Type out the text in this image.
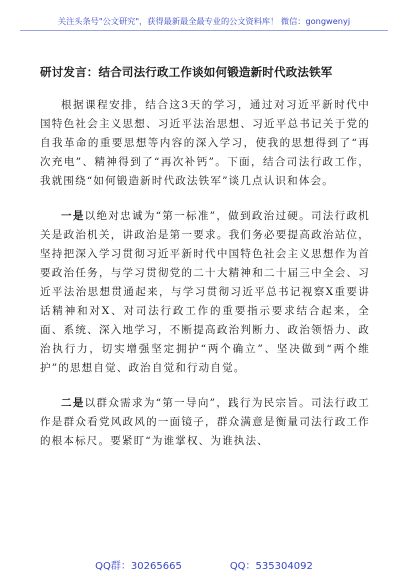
关注头条号"公文研究"，获得最新最全最专业的公文资料库！ 微信：gongwenyj
研讨发言：结合司法行政工作谈如何锻造新时代政法铁军

根据课程安排，结合这3天的学习，通过对习近平新时代中国特色社会主义思想、习近平法治思想、习近平总书记关于党的自我革命的重要思想等内容的深入学习，使我的思想得到了“再次充电”、精神得到了“再次补钙”。下面，结合司法行政工作，我就围绕“如何锻造新时代政法铁军”谈几点认识和体会。

一是以绝对忠诚为“第一标准”，做到政治过硬。司法行政机关是政治机关，讲政治是第一要求。我们务必要提高政治站位，坚持把深入学习贯彻习近平新时代中国特色社会主义思想作为首要政治任务，与学习贯彻党的二十大精神和二十届三中全会、习近平法治思想贯通起来，与学习贯彻习近平总书记视察X重要讲话精神和对X、对司法行政工作的重要指示要求结合起来，全面、系统、深入地学习，不断提高政治判断力、政治领悟力、政治执行力，切实增强坚定拥护“两个确立”、坚决做到“两个维护”的思想自觉、政治自觉和行动自觉。

二是以群众需求为“第一导向”，践行为民宗旨。司法行政工作是群众看党风政风的一面镜子，群众满意是衡量司法行政工作的根本标尺。要紧盯“为谁掌权、为谁执法、

QQ群：30265665	QQ：535304092
